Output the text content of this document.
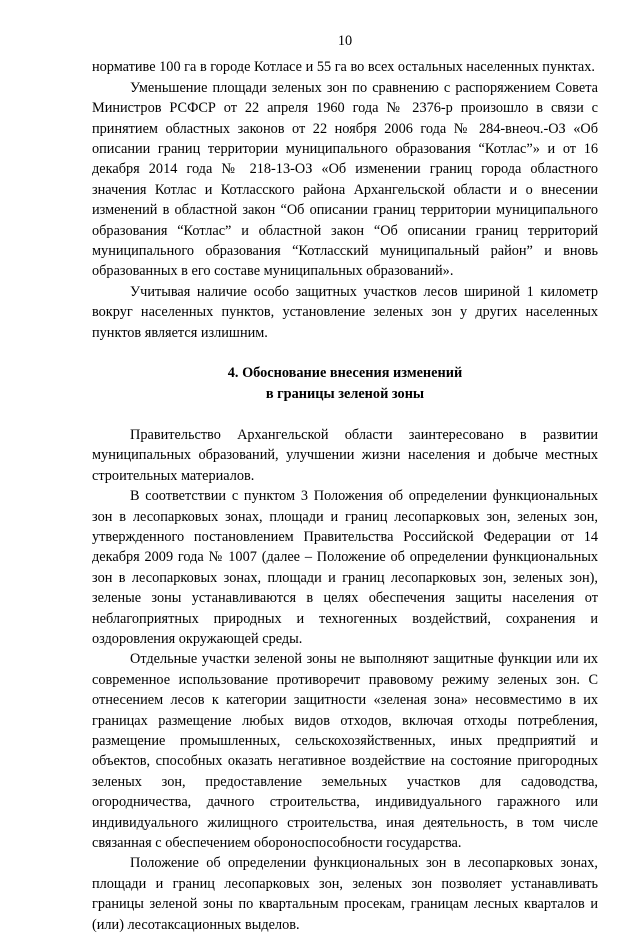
10

нормативе 100 га в городе Котласе и 55 га во всех остальных населенных пунктах.

Уменьшение площади зеленых зон по сравнению с распоряжением Совета Министров РСФСР от 22 апреля 1960 года № 2376-р произошло в связи с принятием областных законов от 22 ноября 2006 года № 284-внеоч.-ОЗ «Об описании границ территории муниципального образования “Котлас”» и от 16 декабря 2014 года № 218-13-ОЗ «Об изменении границ города областного значения Котлас и Котласского района Архангельской области и о внесении изменений в областной закон “Об описании границ территории муниципального образования “Котлас” и областной закон “Об описании границ территорий муниципального образования “Котласский муниципальный район” и вновь образованных в его составе муниципальных образований».

Учитывая наличие особо защитных участков лесов шириной 1 километр вокруг населенных пунктов, установление зеленых зон у других населенных пунктов является излишним.

4. Обоснование внесения изменений
в границы зеленой зоны

Правительство Архангельской области заинтересовано в развитии муниципальных образований, улучшении жизни населения и добыче местных строительных материалов.

В соответствии с пунктом 3 Положения об определении функциональных зон в лесопарковых зонах, площади и границ лесопарковых зон, зеленых зон, утвержденного постановлением Правительства Российской Федерации от 14 декабря 2009 года № 1007 (далее – Положение об определении функциональных зон в лесопарковых зонах, площади и границ лесопарковых зон, зеленых зон), зеленые зоны устанавливаются в целях обеспечения защиты населения от неблагоприятных природных и техногенных воздействий, сохранения и оздоровления окружающей среды.

Отдельные участки зеленой зоны не выполняют защитные функции или их современное использование противоречит правовому режиму зеленых зон. С отнесением лесов к категории защитности «зеленая зона» несовместимо в их границах размещение любых видов отходов, включая отходы потребления, размещение промышленных, сельскохозяйственных, иных предприятий и объектов, способных оказать негативное воздействие на состояние пригородных зеленых зон, предоставление земельных участков для садоводства, огородничества, дачного строительства, индивидуального гаражного или индивидуального жилищного строительства, иная деятельность, в том числе связанная с обеспечением обороноспособности государства.

Положение об определении функциональных зон в лесопарковых зонах, площади и границ лесопарковых зон, зеленых зон позволяет устанавливать границы зеленой зоны по квартальным просекам, границам лесных кварталов и (или) лесотаксационных выделов.
